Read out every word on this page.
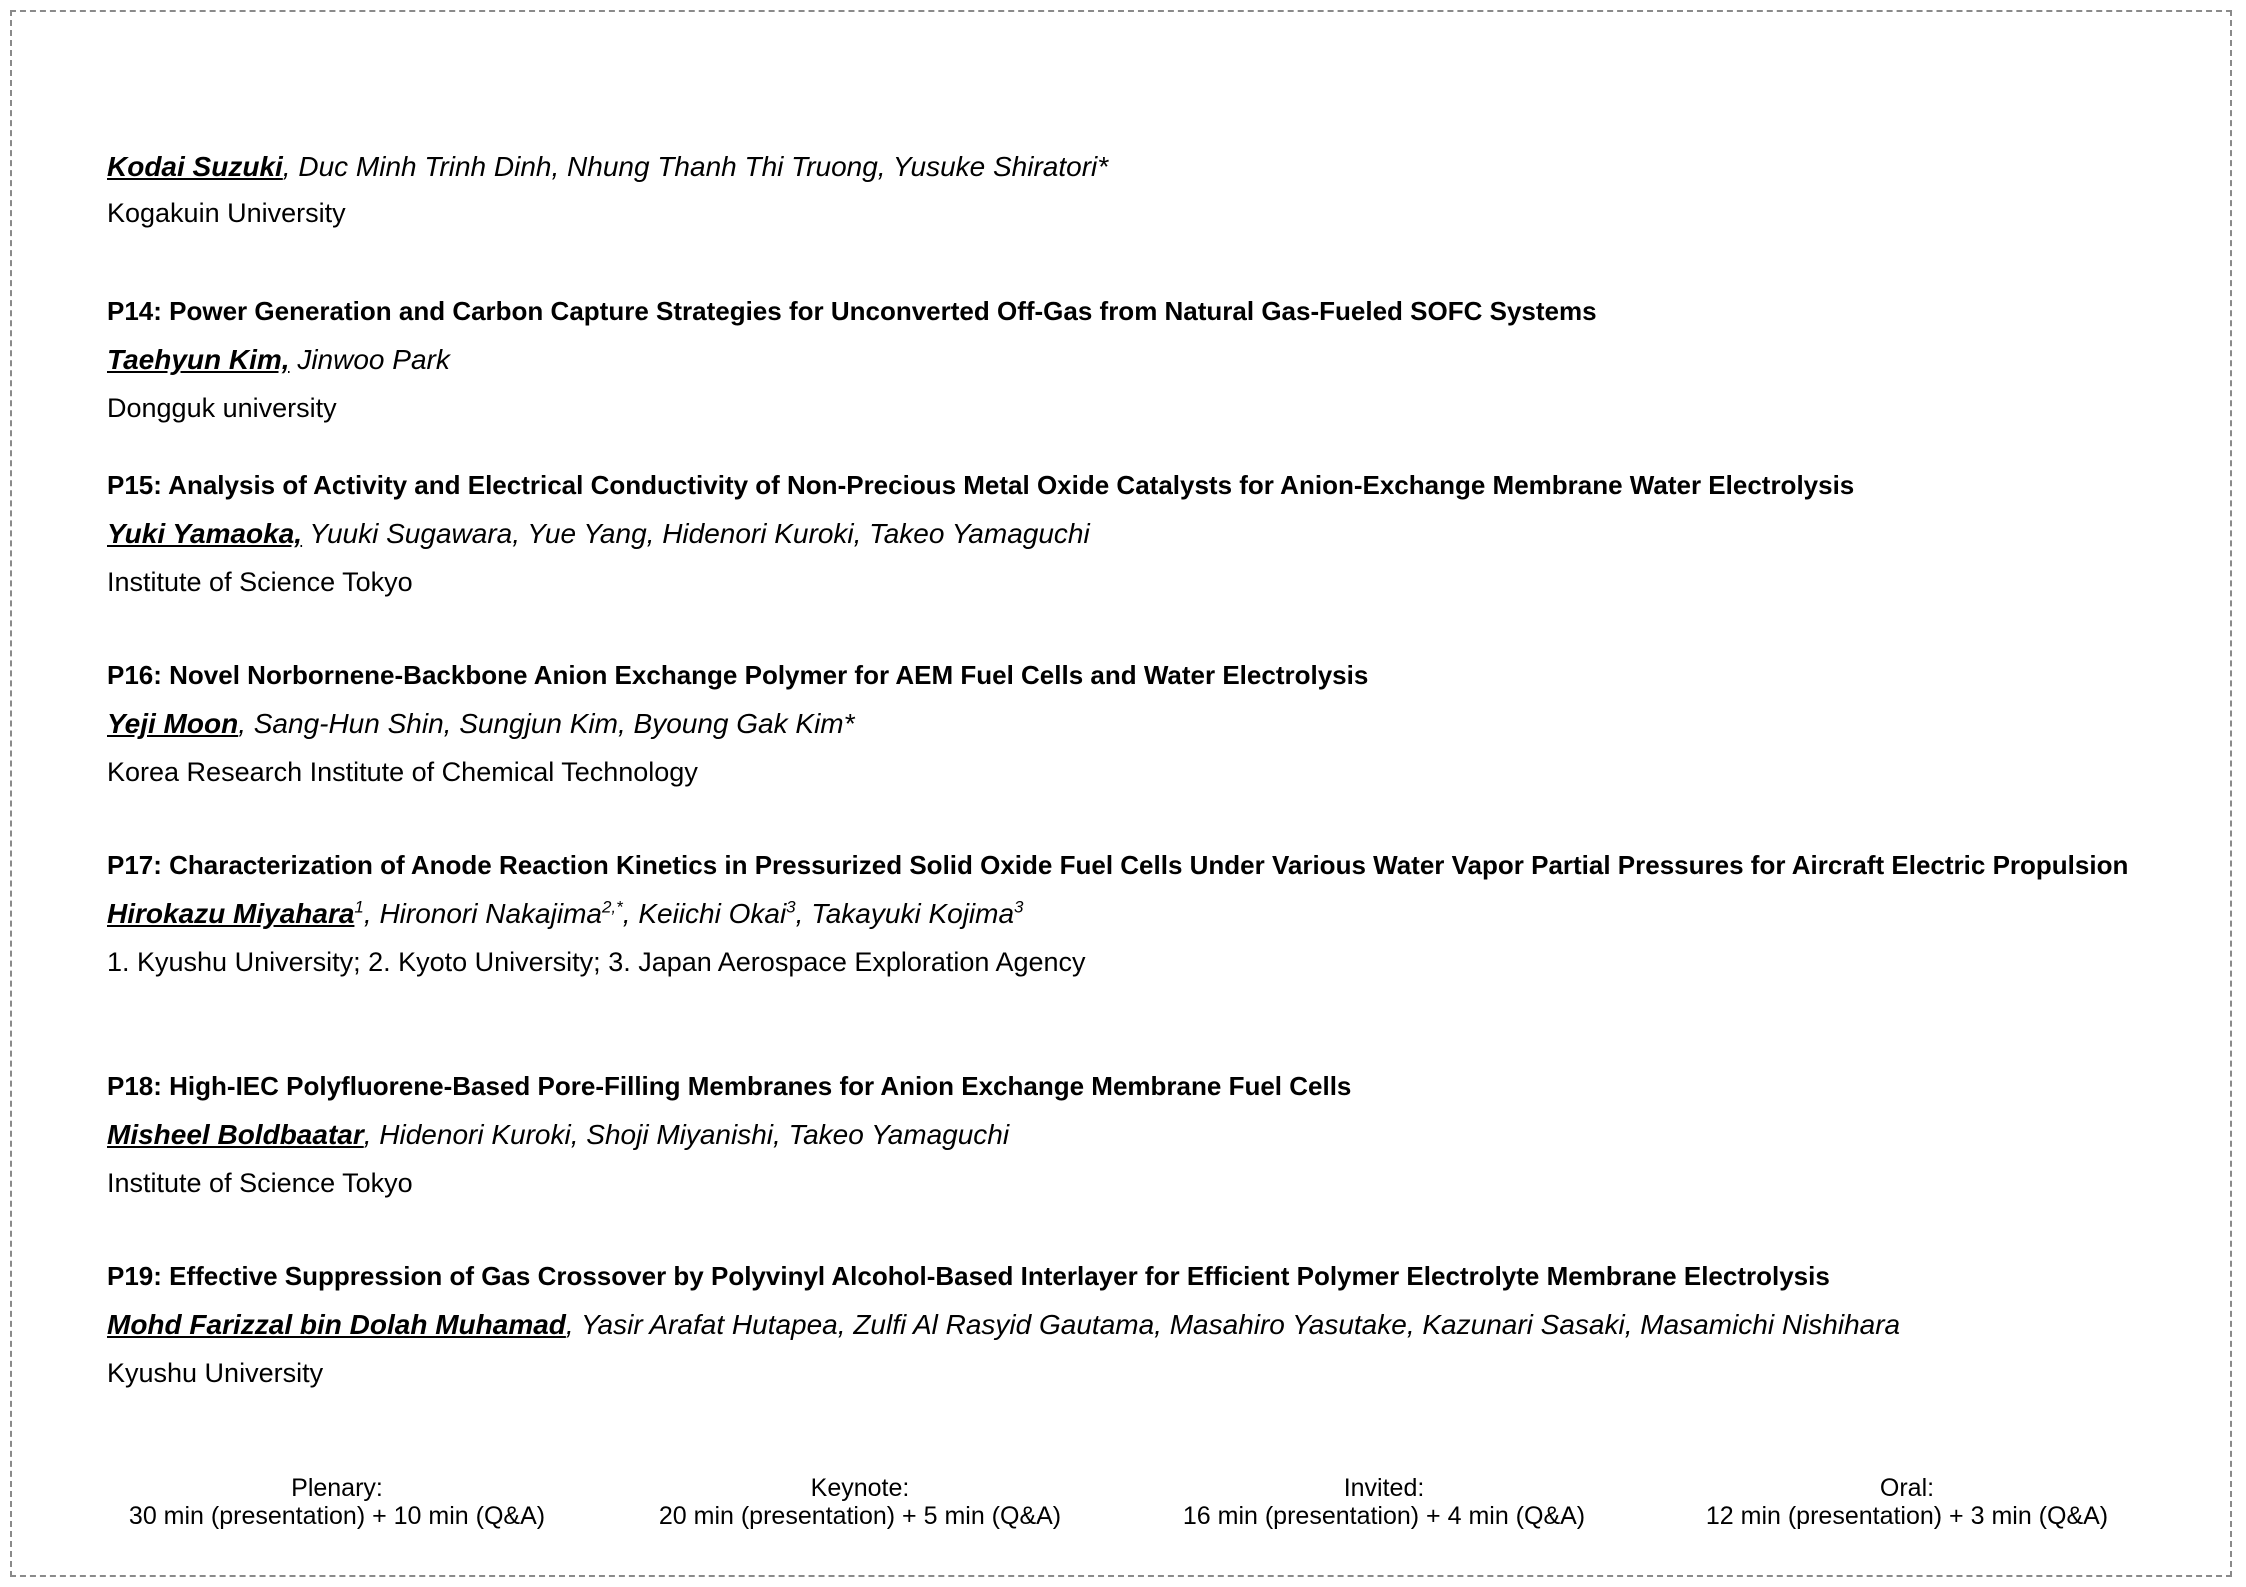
Kodai Suzuki, Duc Minh Trinh Dinh, Nhung Thanh Thi Truong, Yusuke Shiratori*

Kogakuin University

P14: Power Generation and Carbon Capture Strategies for Unconverted Off-Gas from Natural Gas-Fueled SOFC Systems

Taehyun Kim, Jinwoo Park

Dongguk university

P15: Analysis of Activity and Electrical Conductivity of Non-Precious Metal Oxide Catalysts for Anion-Exchange Membrane Water Electrolysis

Yuki Yamaoka, Yuuki Sugawara, Yue Yang, Hidenori Kuroki, Takeo Yamaguchi

Institute of Science Tokyo

P16: Novel Norbornene-Backbone Anion Exchange Polymer for AEM Fuel Cells and Water Electrolysis

Yeji Moon, Sang-Hun Shin, Sungjun Kim, Byoung Gak Kim*

Korea Research Institute of Chemical Technology

P17: Characterization of Anode Reaction Kinetics in Pressurized Solid Oxide Fuel Cells Under Various Water Vapor Partial Pressures for Aircraft Electric Propulsion

Hirokazu Miyahara$^1$, Hironori Nakajima$^{2,*}$, Keiichi Okai$^3$, Takayuki Kojima$^3$

1. Kyushu University; 2. Kyoto University; 3. Japan Aerospace Exploration Agency

P18: High-IEC Polyfluorene-Based Pore-Filling Membranes for Anion Exchange Membrane Fuel Cells

Misheel Boldbaatar, Hidenori Kuroki, Shoji Miyanishi, Takeo Yamaguchi

Institute of Science Tokyo

P19: Effective Suppression of Gas Crossover by Polyvinyl Alcohol-Based Interlayer for Efficient Polymer Electrolyte Membrane Electrolysis

Mohd Farizzal bin Dolah Muhamad, Yasir Arafat Hutapea, Zulfi Al Rasyid Gautama, Masahiro Yasutake, Kazunari Sasaki, Masamichi Nishihara

Kyushu University

Plenary:
30 min (presentation) + 10 min (Q&A)
Keynote:
20 min (presentation) + 5 min (Q&A)
Invited:
16 min (presentation) + 4 min (Q&A)
Oral:
12 min (presentation) + 3 min (Q&A)
